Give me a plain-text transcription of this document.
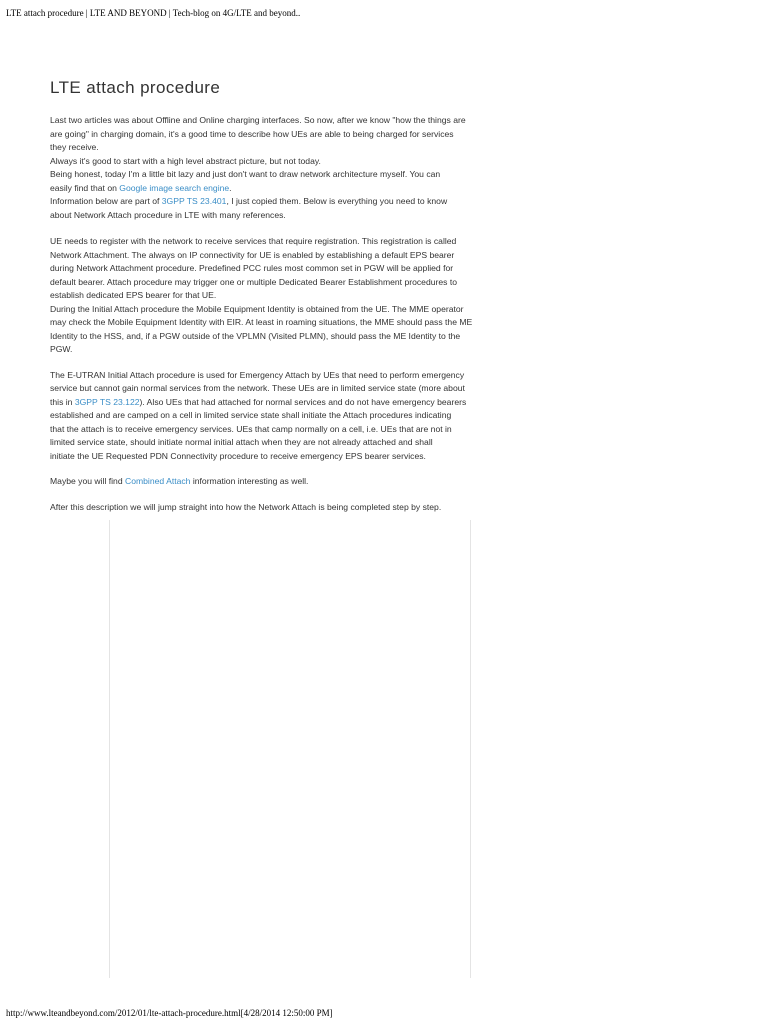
LTE attach procedure | LTE AND BEYOND | Tech-blog on 4G/LTE and beyond..
LTE attach procedure

Last two articles was about Offline and Online charging interfaces. So now, after we know "how the things are
are going" in charging domain, it's a good time to describe how UEs are able to being charged for services
they receive.
Always it's good to start with a high level abstract picture, but not today.
Being honest, today I'm a little bit lazy and just don't want to draw network architecture myself. You can
easily find that on Google image search engine.
Information below are part of 3GPP TS 23.401, I just copied them. Below is everything you need to know
about Network Attach procedure in LTE with many references.

UE needs to register with the network to receive services that require registration. This registration is called
Network Attachment. The always on IP connectivity for UE is enabled by establishing a default EPS bearer
during Network Attachment procedure. Predefined PCC rules most common set in PGW will be applied for
default bearer. Attach procedure may trigger one or multiple Dedicated Bearer Establishment procedures to
establish dedicated EPS bearer for that UE.
During the Initial Attach procedure the Mobile Equipment Identity is obtained from the UE. The MME operator
may check the Mobile Equipment Identity with EIR. At least in roaming situations, the MME should pass the ME
Identity to the HSS, and, if a PGW outside of the VPLMN (Visited PLMN), should pass the ME Identity to the
PGW.

The E-UTRAN Initial Attach procedure is used for Emergency Attach by UEs that need to perform emergency
service but cannot gain normal services from the network. These UEs are in limited service state (more about
this in 3GPP TS 23.122). Also UEs that had attached for normal services and do not have emergency bearers
established and are camped on a cell in limited service state shall initiate the Attach procedures indicating
that the attach is to receive emergency services. UEs that camp normally on a cell, i.e. UEs that are not in
limited service state, should initiate normal initial attach when they are not already attached and shall
initiate the UE Requested PDN Connectivity procedure to receive emergency EPS bearer services.

Maybe you will find Combined Attach information interesting as well.

After this description we will jump straight into how the Network Attach is being completed step by step.

http://www.lteandbeyond.com/2012/01/lte-attach-procedure.html[4/28/2014 12:50:00 PM]
